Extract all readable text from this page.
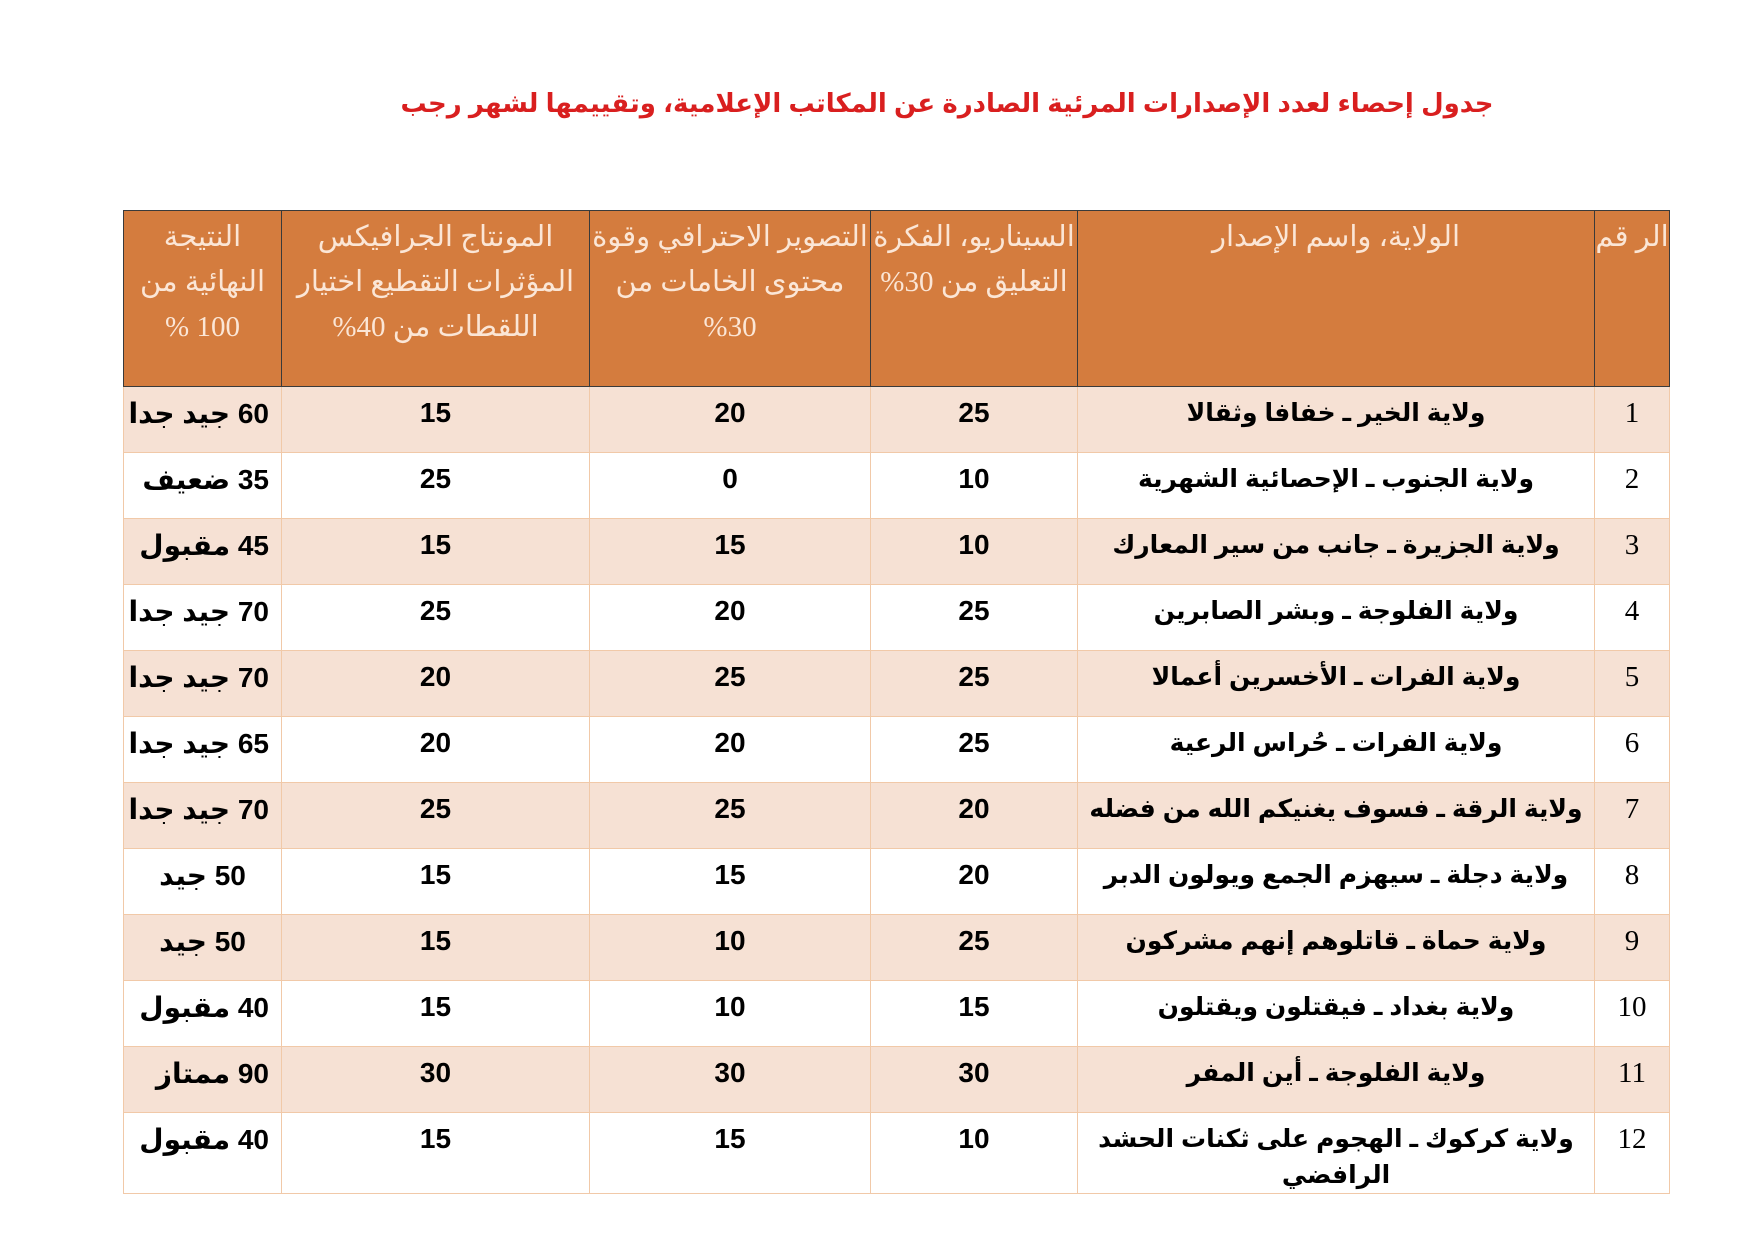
جدول إحصاء لعدد الإصدارات المرئية الصادرة عن المكاتب الإعلامية، وتقييمها لشهر رجب
الر قم	الولاية، واسم الإصدار	السيناريو، الفكرة التعليق من 30%	التصوير الاحترافي وقوة محتوى الخامات من 30%	المونتاج الجرافيكس المؤثرات التقطيع اختيار اللقطات من 40%	النتيجة النهائية من 100 %
1	ولاية الخير ـ خفافا وثقالا	25	20	15	60 جيد جدا
2	ولاية الجنوب ـ الإحصائية الشهرية	10	0	25	35 ضعيف
3	ولاية الجزيرة ـ جانب من سير المعارك	10	15	15	45 مقبول
4	ولاية الفلوجة ـ وبشر الصابرين	25	20	25	70 جيد جدا
5	ولاية الفرات ـ الأخسرين أعمالا	25	25	20	70 جيد جدا
6	ولاية الفرات ـ حُراس الرعية	25	20	20	65 جيد جدا
7	ولاية الرقة ـ فسوف يغنيكم الله من فضله	20	25	25	70 جيد جدا
8	ولاية دجلة ـ سيهزم الجمع ويولون الدبر	20	15	15	50 جيد
9	ولاية حماة ـ قاتلوهم إنهم مشركون	25	10	15	50 جيد
10	ولاية بغداد ـ فيقتلون ويقتلون	15	10	15	40 مقبول
11	ولاية الفلوجة ـ أين المفر	30	30	30	90 ممتاز
12	ولاية كركوك ـ الهجوم على ثكنات الحشد الرافضي	10	15	15	40 مقبول
